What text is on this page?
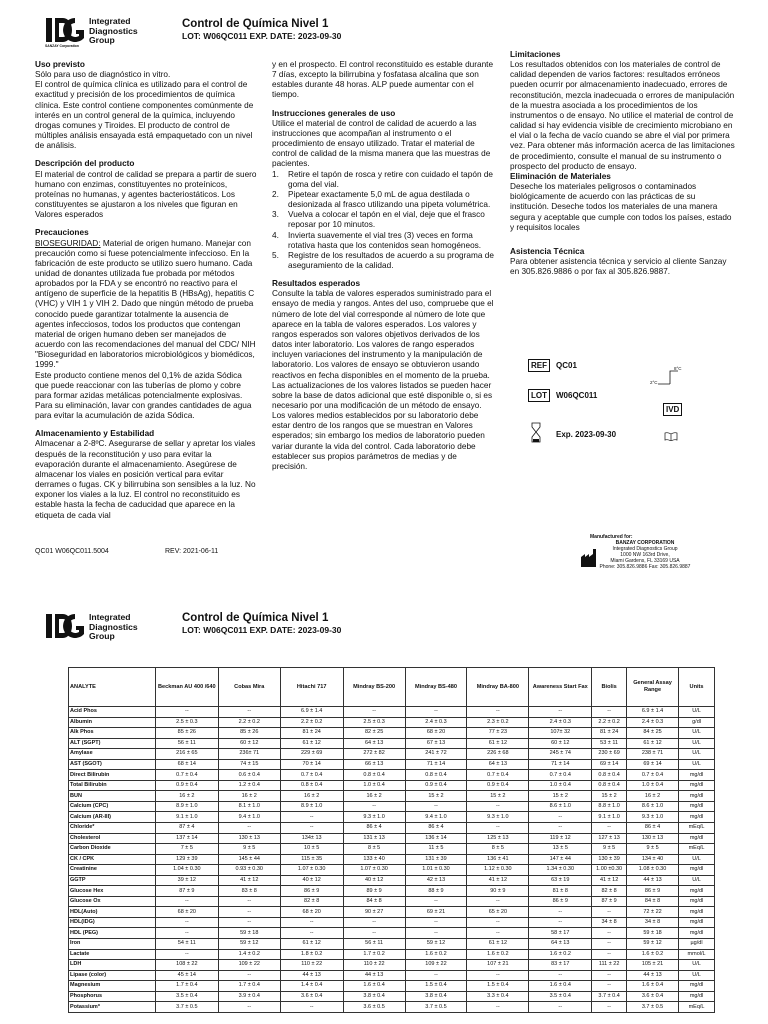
Integrated
Diagnostics
Group
SANZAY Corporation
Control de Química Nivel 1
LOT: W06QC011 EXP. DATE: 2023-09-30
Uso previsto

Sólo para uso de diagnóstico in vitro.
El control de química clínica es utilizado para el control de exactitud y precisión de los procedimientos de química clínica. Este control contiene componentes comúnmente de interés en un control general de la química, incluyendo drogas comunes y Tiroides. El producto de control de múltiples análisis ensayada está empaquetado con un nivel de análisis.

Descripción del producto

El material de control de calidad se prepara a partir de suero humano con enzimas, constituyentes no proteínicos, proteínas no humanas, y agentes bacteriostáticos. Los constituyentes se ajustaron a los niveles que figuran en Valores esperados

Precauciones

BIOSEGURIDAD: Material de origen humano. Manejar con precaución como si fuese potencialmente infeccioso. En la fabricación de este producto se utilizo suero humano. Cada unidad de donantes utilizada fue probada por métodos aprobados por la FDA y se encontró no reactivo para el antígeno de superficie de la hepatitis B (HBsAg), hepatitis C (VHC) y VIH 1 y VIH 2. Dado que ningún método de prueba conocido puede garantizar totalmente la ausencia de agentes infecciosos, todos los productos que contengan material de origen humano deben ser manejados de acuerdo con las recomendaciones del manual del CDC/ NIH "Bioseguridad en laboratorios microbiológicos y biomédicos, 1999."
Este producto contiene menos del 0,1% de azida Sódica que puede reaccionar con las tuberías de plomo y cobre para formar azidas metálicas potencialmente explosivas. Para su eliminación, lavar con grandes cantidades de agua para evitar la acumulación de azida Sódica.

Almacenamiento y Estabilidad

Almacenar a 2-8ºC. Asegurarse de sellar y apretar los viales después de la reconstitución y uso para evitar la evaporación durante el almacenamiento. Asegúrese de almacenar los viales en posición vertical para evitar derrames o fugas. CK y bilirrubina son sensibles a la luz. No exponer los viales a la luz. El control no reconstituido es estable hasta la fecha de caducidad que aparece en la etiqueta de cada vial

y en el prospecto. El control reconstituido es estable durante 7 días, excepto la bilirrubina y fosfatasa alcalina que son estables durante 48 horas. ALP puede aumentar con el tiempo.

Instrucciones generales de uso

Utilice el material de control de calidad de acuerdo a las instrucciones que acompañan al instrumento o el procedimiento de ensayo utilizado. Tratar el material de control de calidad de la misma manera que las muestras de pacientes.

1.	Retire el tapón de rosca y retire con cuidado el tapón de goma del vial.
2.	Pipetear exactamente 5,0 mL de agua destilada o desionizada al frasco utilizando una pipeta volumétrica.
3.	Vuelva a colocar el tapón en el vial, deje que el frasco reposar por 10 minutos.
4.	Invierta suavemente el vial tres (3) veces en forma rotativa hasta que los contenidos sean homogéneos.
5.	Registre de los resultados de acuerdo a su programa de aseguramiento de la calidad.
Resultados esperados

Consulte la tabla de valores esperados suministrado para el ensayo de media y rangos. Antes del uso, compruebe que el número de lote del vial corresponde al número de lote que aparece en la tabla de valores esperados. Los valores y rangos esperados son valores objetivos derivados de los datos inter laboratorio. Los valores de rango esperados incluyen variaciones del instrumento y la manipulación de laboratorio. Los valores de ensayo se obtuvieron usando reactivos en fecha disponibles en el momento de la prueba. Las actualizaciones de los valores listados se pueden hacer sobre la base de datos adicional que esté disponible o, si es necesario por una modificación de un método de ensayo. Los valores medios establecidos por su laboratorio debe estar dentro de los rangos que se muestran en Valores esperados; sin embargo los medios de laboratorio pueden variar durante la vida del control. Cada laboratorio debe establecer sus propios parámetros de medias y de precisión.

Limitaciones

Los resultados obtenidos con los materiales de control de calidad dependen de varios factores: resultados erróneos pueden ocurrir por almacenamiento inadecuado, errores de reconstitución, mezcla inadecuada o errores de manipulación de la muestra asociada a los procedimientos de los instrumentos o de ensayo. No utilice el material de control de calidad si hay evidencia visible de crecimiento microbiano en el vial o la fecha de vacío cuando se abre el vial por primera vez. Para obtener más información acerca de las limitaciones de procedimiento, consulte el manual de su instrumento o prospecto del producto de ensayo.

Eliminación de Materiales

Deseche los materiales peligrosos o contaminados biológicamente de acuerdo con las prácticas de su institución. Deseche todos los materiales de una manera segura y aceptable que cumple con todos los países, estado y requisitos locales

Asistencia Técnica

Para obtener asistencia técnica y servicio al cliente Sanzay en 305.826.9886 o por fax al 305.826.9887.

REF	QC01	8°C
2°C
LOT	W06QC011
IVD
Exp. 2023-09-30
Manufactured for:
BANZAY CORPORATION
Integrated Diagnostics Group
1000 NW 163rd Drive,
Miami Gardens, FL 33169 USA
Phone: 305.826.9886 Fax: 305.826.9887
QC01 W06QC011.5004	REV: 2021-06-11
Integrated
Diagnostics
Group
Control de Química Nivel 1
LOT: W06QC011 EXP. DATE: 2023-09-30
ANALYTE	Beckman AU 400 /640	Cobas Mira	Hitachi 717	Mindray BS-200	Mindray BS-480	Mindray BA-800	Awareness Start Fax	Biolis	General Assay Range	Units
Acid Phos	--	--	6.9 ± 1.4	--	--	--	--	--	6.9 ± 1.4	U/L
Albumin	2.5 ± 0.3	2.2 ± 0.2	2.2 ± 0.2	2.5 ± 0.3	2.4 ± 0.3	2.3 ± 0.2	2.4 ± 0.3	2.2 ± 0.2	2.4 ± 0.3	g/dl
Alk Phos	85 ± 26	85 ± 26	81 ± 24	82 ± 25	68 ± 20	77 ± 23	107± 32	81 ± 24	84 ± 25	U/L
ALT (SGPT)	56 ± 11	60 ± 12	61 ± 12	64 ± 13	67 ± 13	61 ± 12	60 ± 12	53 ± 11	61 ± 12	U/L
Amylase	216 ± 65	236± 71	229 ± 69	272 ± 82	241 ± 72	226 ± 68	245 ± 74	230 ± 69	238 ± 71	U/L
AST (SGOT)	68 ± 14	74 ± 15	70 ± 14	66 ± 13	71 ± 14	64 ± 13	71 ± 14	69 ± 14	69 ± 14	U/L
Direct Bilirubin	0.7 ± 0.4	0.6 ± 0.4	0.7 ± 0.4	0.8 ± 0.4	0.8 ± 0.4	0.7 ± 0.4	0.7 ± 0.4	0.8 ± 0.4	0.7 ± 0.4	mg/dl
Total Bilirubin	0.9 ± 0.4	1.2 ± 0.4	0.8 ± 0.4	1.0 ± 0.4	0.9 ± 0.4	0.9 ± 0.4	1.0 ± 0.4	0.8 ± 0.4	1.0 ± 0.4	mg/dl
BUN	16 ± 2	16 ± 2	16 ± 2	16 ± 2	15 ± 2	15 ± 2	15 ± 2	15 ± 2	16 ± 2	mg/dl
Calcium (CPC)	8.9 ± 1.0	8.1 ± 1.0	8.9 ± 1.0	--	--	--	8.6 ± 1.0	8.8 ± 1.0	8.6 ± 1.0	mg/dl
Calcium (AR-III)	9.1 ± 1.0	9.4 ± 1.0	--	9.3 ± 1.0	9.4 ± 1.0	9.3 ± 1.0	--	9.1 ± 1.0	9.3 ± 1.0	mg/dl
Chloride*	87 ± 4	--	--	86 ± 4	86 ± 4	--	--	--	86 ± 4	mEq/L
Cholesterol	137 ± 14	130 ± 13	134± 13	131 ± 13	136 ± 14	125 ± 13	119 ± 12	127 ± 13	130 ± 13	mg/dl
Carbon Dioxide	7 ± 5	9 ± 5	10 ± 5	8 ± 5	11 ± 5	8 ± 5	13 ± 5	9 ± 5	9 ± 5	mEq/L
CK / CPK	129 ± 39	145 ± 44	115 ± 35	133 ± 40	131 ± 39	136 ± 41	147 ± 44	130 ± 39	134 ± 40	U/L
Creatinine	1.04 ± 0.30	0.93 ± 0.30	1.07 ± 0.30	1.07 ± 0.30	1.01 ± 0.30	1.12 ± 0.30	1.34 ± 0.30	1.00 ±0.30	1.08 ± 0.30	mg/dl
GGTP	39 ± 12	41 ± 12	40 ± 12	40 ± 12	42 ± 13	41 ± 12	63 ± 19	41 ± 12	44 ± 13	U/L
Glucose Hex	87 ± 9	83 ± 8	86 ± 9	89 ± 9	88 ± 9	90 ± 9	81 ± 8	82 ± 8	86 ± 9	mg/dl
Glucose Ox	--	--	82 ± 8	84 ± 8	--	--	86 ± 9	87 ± 9	84 ± 8	mg/dl
HDL(Auto)	68 ± 20	--	68 ± 20	90 ± 27	69 ± 21	65 ± 20	--	--	72 ± 22	mg/dl
HDL(IDG)	--	--	--	--	--	--	--	34 ± 8	34 ± 8	mg/dl
HDL (PEG)	--	59 ± 18	--	--	--	--	58 ± 17	--	59 ± 18	mg/dl
Iron	54 ± 11	59 ± 12	61 ± 12	56 ± 11	59 ± 12	61 ± 12	64 ± 13	--	59 ± 12	µg/dl
Lactate	--	1.4 ± 0.2	1.8 ± 0.2	1.7 ± 0.2	1.6 ± 0.2	1.6 ± 0.2	1.6 ± 0.2	--	1.6 ± 0.2	mmol/L
LDH	108 ± 22	109 ± 22	110 ± 22	110 ± 22	109 ± 22	107 ± 21	83 ± 17	111 ± 22	105 ± 21	U/L
Lipase (color)	45 ± 14	--	44 ± 13	44 ± 13	--	--	--	--	44 ± 13	U/L
Magnesium	1.7 ± 0.4	1.7 ± 0.4	1.4 ± 0.4	1.6 ± 0.4	1.5 ± 0.4	1.5 ± 0.4	1.6 ± 0.4	--	1.6 ± 0.4	mg/dl
Phosphorus	3.5 ± 0.4	3.9 ± 0.4	3.6 ± 0.4	3.8 ± 0.4	3.8 ± 0.4	3.3 ± 0.4	3.5 ± 0.4	3.7 ± 0.4	3.6 ± 0.4	mg/dl
Potassium*	3.7 ± 0.5	--	--	3.6 ± 0.5	3.7 ± 0.5	--	--	--	3.7 ± 0.5	mEq/L
